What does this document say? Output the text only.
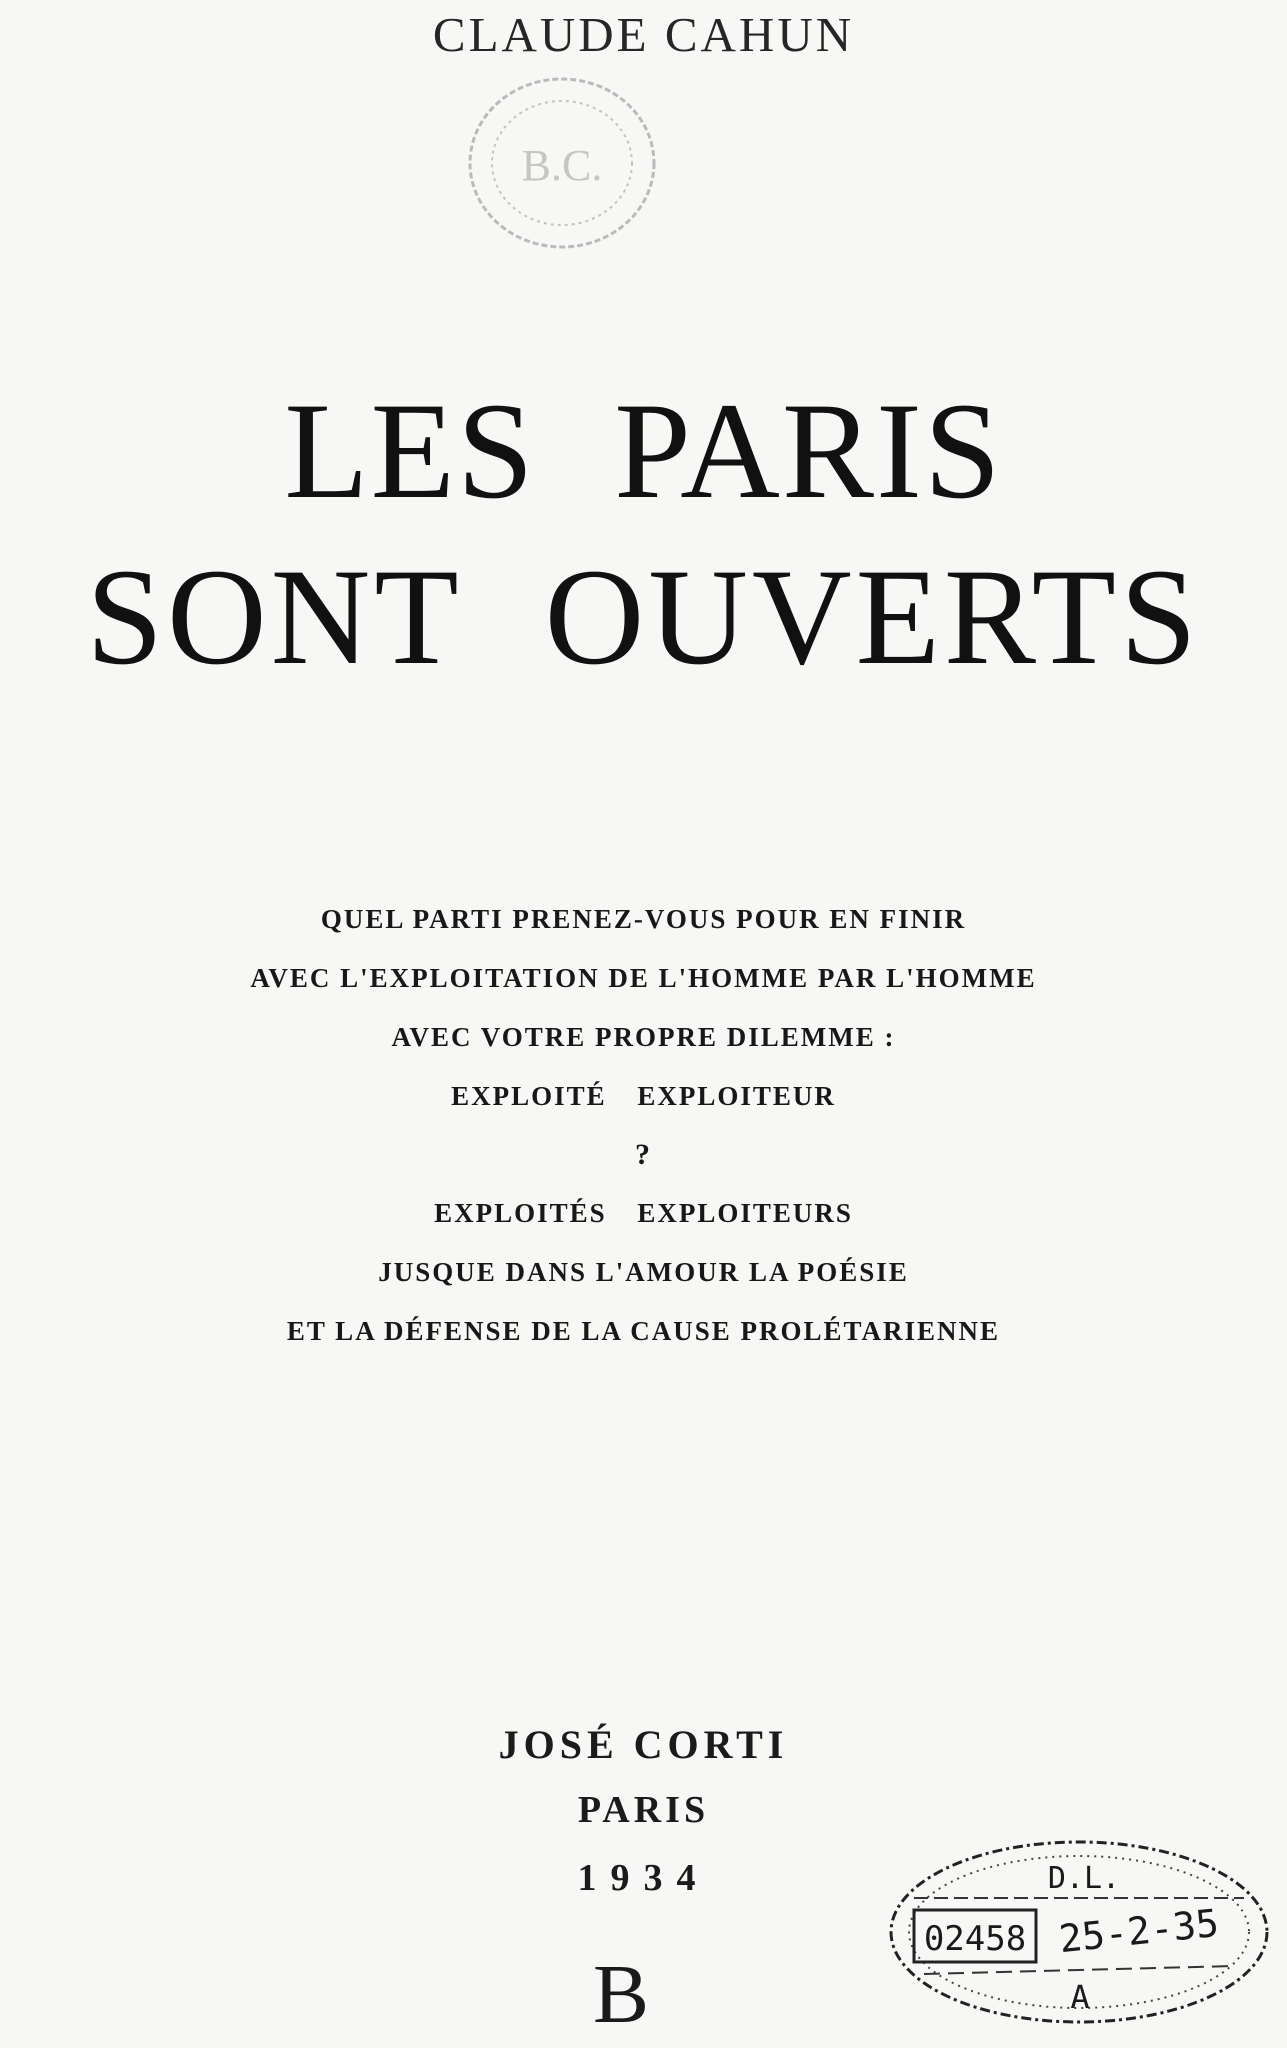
CLAUDE CAHUN
B.C.
LES PARIS
SONT OUVERTS
QUEL PARTI PRENEZ-VOUS POUR EN FINIR
AVEC L'EXPLOITATION DE L'HOMME PAR L'HOMME
AVEC VOTRE PROPRE DILEMME :
EXPLOITÉ EXPLOITEUR
?
EXPLOITÉS EXPLOITEURS
JUSQUE DANS L'AMOUR LA POÉSIE
ET LA DÉFENSE DE LA CAUSE PROLÉTARIENNE
JOSÉ CORTI
PARIS
1934
B
D.L.
02458 25-2-35
A
